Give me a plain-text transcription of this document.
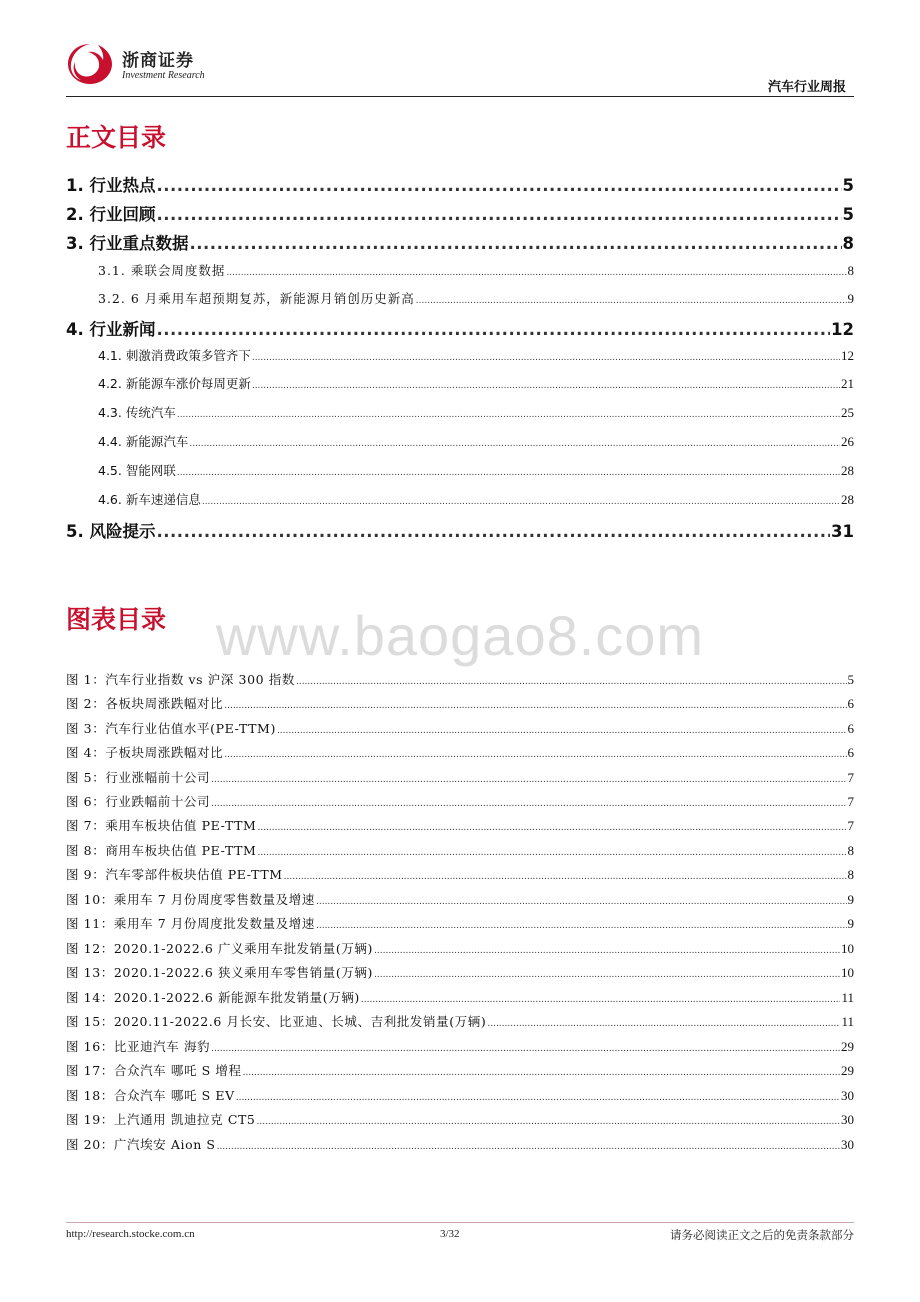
浙商证券
Investment Research
汽车行业周报
正文目录
1. 行业热点 .....	5
2. 行业回顾 .....	5
3. 行业重点数据 .....	8
3.1. 乘联会周度数据 .....	8
3.2. 6 月乘用车超预期复苏，新能源月销创历史新高 .....	9
4. 行业新闻 .....	12
4.1. 刺激消费政策多管齐下 .....	12
4.2. 新能源车涨价每周更新 .....	21
4.3. 传统汽车 .....	25
4.4. 新能源汽车 .....	26
4.5. 智能网联 .....	28
4.6. 新车速递信息 .....	28
5. 风险提示 .....	31
图表目录 www.baogao8.com
图 1：汽车行业指数 vs 沪深 300 指数 .....	5
图 2：各板块周涨跌幅对比 .....	6
图 3：汽车行业估值水平(PE-TTM) .....	6
图 4：子板块周涨跌幅对比 .....	6
图 5：行业涨幅前十公司 .....	7
图 6：行业跌幅前十公司 .....	7
图 7：乘用车板块估值 PE-TTM .....	7
图 8：商用车板块估值 PE-TTM .....	8
图 9：汽车零部件板块估值 PE-TTM .....	8
图 10：乘用车 7 月份周度零售数量及增速 .....	9
图 11：乘用车 7 月份周度批发数量及增速 .....	9
图 12：2020.1-2022.6 广义乘用车批发销量(万辆) .....	10
图 13：2020.1-2022.6 狭义乘用车零售销量(万辆) .....	10
图 14：2020.1-2022.6 新能源车批发销量(万辆) .....	11
图 15：2020.11-2022.6 月长安、比亚迪、长城、吉利批发销量(万辆) .....	11
图 16：比亚迪汽车 海豹 .....	29
图 17：合众汽车 哪吒 S 增程 .....	29
图 18：合众汽车 哪吒 S EV .....	30
图 19：上汽通用 凯迪拉克 CT5 .....	30
图 20：广汽埃安 Aion S .....	30
http://research.stocke.com.cn	3/32	请务必阅读正文之后的免责条款部分
